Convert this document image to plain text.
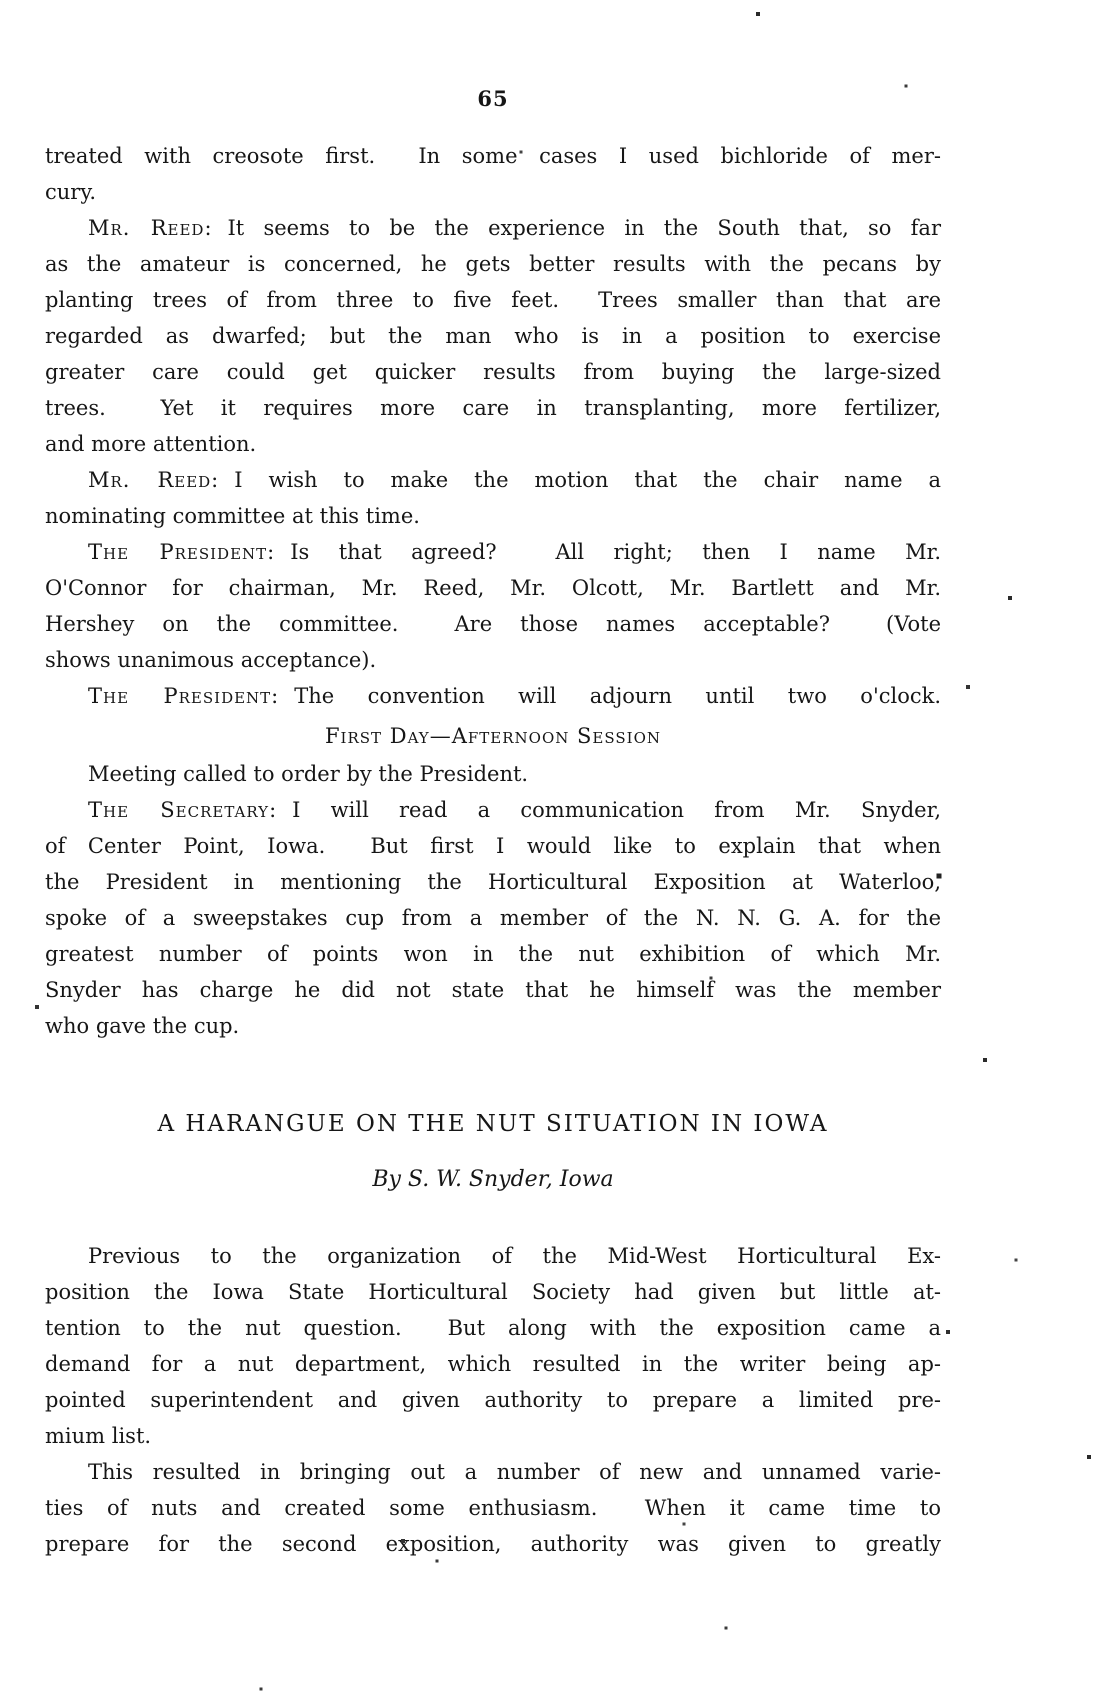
65
treated with creosote first.  In some cases I used bichloride of mer-
cury.
Mr. Reed: It seems to be the experience in the South that, so far
as the amateur is concerned, he gets better results with the pecans by
planting trees of from three to five feet.  Trees smaller than that are
regarded as dwarfed; but the man who is in a position to exercise
greater care could get quicker results from buying the large-sized
trees.  Yet it requires more care in transplanting, more fertilizer,
and more attention.
Mr. Reed: I wish to make the motion that the chair name a
nominating committee at this time.
The President: Is that agreed?  All right; then I name Mr.
O'Connor for chairman, Mr. Reed, Mr. Olcott, Mr. Bartlett and Mr.
Hershey on the committee.  Are those names acceptable?  (Vote
shows unanimous acceptance).
The President: The convention will adjourn until two o'clock.
First Day—Afternoon Session
Meeting called to order by the President.
The Secretary: I will read a communication from Mr. Snyder,
of Center Point, Iowa.  But first I would like to explain that when
the President in mentioning the Horticultural Exposition at Waterloo,
spoke of a sweepstakes cup from a member of the N. N. G. A. for the
greatest number of points won in the nut exhibition of which Mr.
Snyder has charge he did not state that he himself was the member
who gave the cup.
A HARANGUE ON THE NUT SITUATION IN IOWA
By S. W. Snyder, Iowa
Previous to the organization of the Mid-West Horticultural Ex-
position the Iowa State Horticultural Society had given but little at-
tention to the nut question.  But along with the exposition came a
demand for a nut department, which resulted in the writer being ap-
pointed superintendent and given authority to prepare a limited pre-
mium list.
This resulted in bringing out a number of new and unnamed varie-
ties of nuts and created some enthusiasm.  When it came time to
prepare for the second exposition, authority was given to greatly
